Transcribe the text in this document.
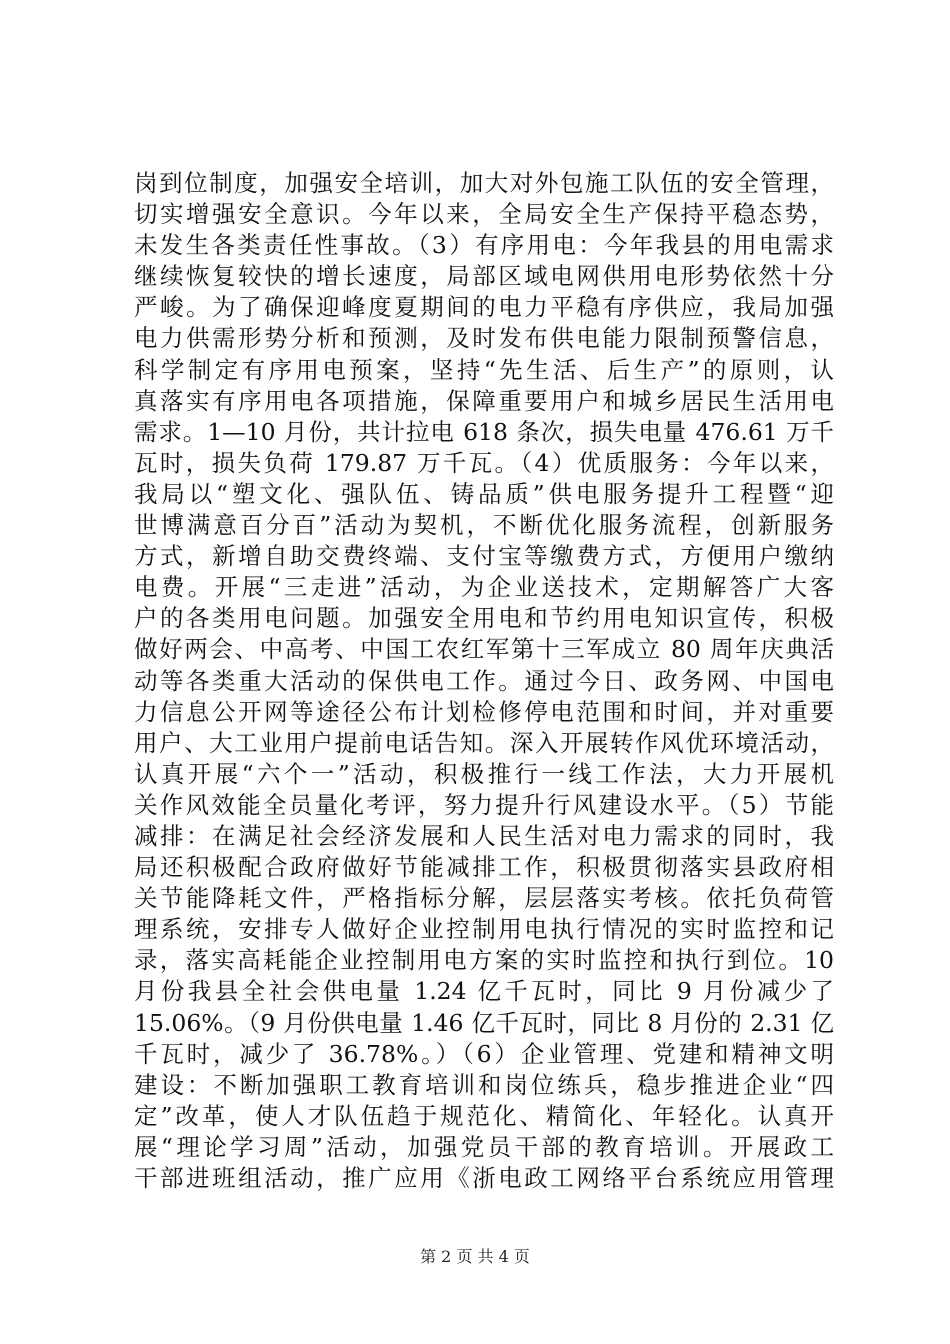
岗到位制度，加强安全培训，加大对外包施工队伍的安全管理，
切实增强安全意识。今年以来，全局安全生产保持平稳态势，
未发生各类责任性事故。（3）有序用电：今年我县的用电需求
继续恢复较快的增长速度，局部区域电网供用电形势依然十分
严峻。为了确保迎峰度夏期间的电力平稳有序供应，我局加强
电力供需形势分析和预测，及时发布供电能力限制预警信息，
科学制定有序用电预案，坚持“先生活、后生产”的原则，认
真落实有序用电各项措施，保障重要用户和城乡居民生活用电
需求。1—10 月份，共计拉电 618 条次，损失电量 476.61 万千
瓦时，损失负荷 179.87 万千瓦。（4）优质服务：今年以来，
我局以“塑文化、强队伍、铸品质”供电服务提升工程暨“迎
世博满意百分百”活动为契机，不断优化服务流程，创新服务
方式，新增自助交费终端、支付宝等缴费方式，方便用户缴纳
电费。开展“三走进”活动，为企业送技术，定期解答广大客
户的各类用电问题。加强安全用电和节约用电知识宣传，积极
做好两会、中高考、中国工农红军第十三军成立 80 周年庆典活
动等各类重大活动的保供电工作。通过今日、政务网、中国电
力信息公开网等途径公布计划检修停电范围和时间，并对重要
用户、大工业用户提前电话告知。深入开展转作风优环境活动，
认真开展“六个一”活动，积极推行一线工作法，大力开展机
关作风效能全员量化考评，努力提升行风建设水平。（5）节能
减排：在满足社会经济发展和人民生活对电力需求的同时，我
局还积极配合政府做好节能减排工作，积极贯彻落实县政府相
关节能降耗文件，严格指标分解，层层落实考核。依托负荷管
理系统，安排专人做好企业控制用电执行情况的实时监控和记
录，落实高耗能企业控制用电方案的实时监控和执行到位。10
月份我县全社会供电量 1.24 亿千瓦时，同比 9 月份减少了
15.06%。（9 月份供电量 1.46 亿千瓦时，同比 8 月份的 2.31 亿
千瓦时，减少了 36.78%。）（6）企业管理、党建和精神文明
建设：不断加强职工教育培训和岗位练兵，稳步推进企业“四
定”改革，使人才队伍趋于规范化、精简化、年轻化。认真开
展“理论学习周”活动，加强党员干部的教育培训。开展政工
干部进班组活动，推广应用《浙电政工网络平台系统应用管理
第 2 页 共 4 页
